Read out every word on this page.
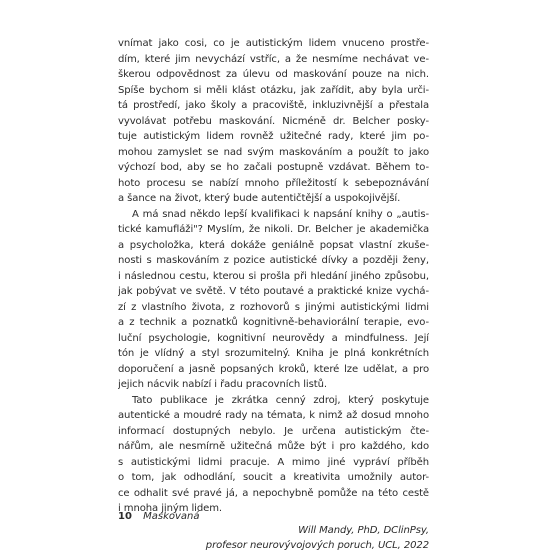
vnímat jako cosi, co je autistickým lidem vnuceno prostře-
dím, které jim nevychází vstříc, a že nesmíme nechávat ve-
škerou odpovědnost za úlevu od maskování pouze na nich.
Spíše bychom si měli klást otázku, jak zařídit, aby byla urči-
tá prostředí, jako školy a pracoviště, inkluzivnější a přestala
vyvolávat potřebu maskování. Nicméně dr. Belcher posky-
tuje autistickým lidem rovněž užitečné rady, které jim po-
mohou zamyslet se nad svým maskováním a použít to jako
výchozí bod, aby se ho začali postupně vzdávat. Během to-
hoto procesu se nabízí mnoho příležitostí k sebepoznávání
a šance na život, který bude autentičtější a uspokojivější.
A má snad někdo lepší kvalifikaci k napsání knihy o „autis-
tické kamufláži"? Myslím, že nikoli. Dr. Belcher je akademička
a psycholožka, která dokáže geniálně popsat vlastní zkuše-
nosti s maskováním z pozice autistické dívky a později ženy,
i následnou cestu, kterou si prošla při hledání jiného způsobu,
jak pobývat ve světě. V této poutavé a praktické knize vychá-
zí z vlastního života, z rozhovorů s jinými autistickými lidmi
a z technik a poznatků kognitivně-behaviorální terapie, evo-
luční psychologie, kognitivní neurovědy a mindfulness. Její
tón je vlídný a styl srozumitelný. Kniha je plná konkrétních
doporučení a jasně popsaných kroků, které lze udělat, a pro
jejich nácvik nabízí i řadu pracovních listů.
Tato publikace je zkrátka cenný zdroj, který poskytuje
autentické a moudré rady na témata, k nimž až dosud mnoho
informací dostupných nebylo. Je určena autistickým čte-
nářům, ale nesmírně užitečná může být i pro každého, kdo
s autistickými lidmi pracuje. A mimo jiné vypráví příběh
o tom, jak odhodlání, soucit a kreativita umožnily autor-
ce odhalit své pravé já, a nepochybně pomůže na této cestě
i mnoha jiným lidem.
Will Mandy, PhD, DClinPsy,
profesor neurovývojových poruch, UCL, 2022
10 Maskovaná
